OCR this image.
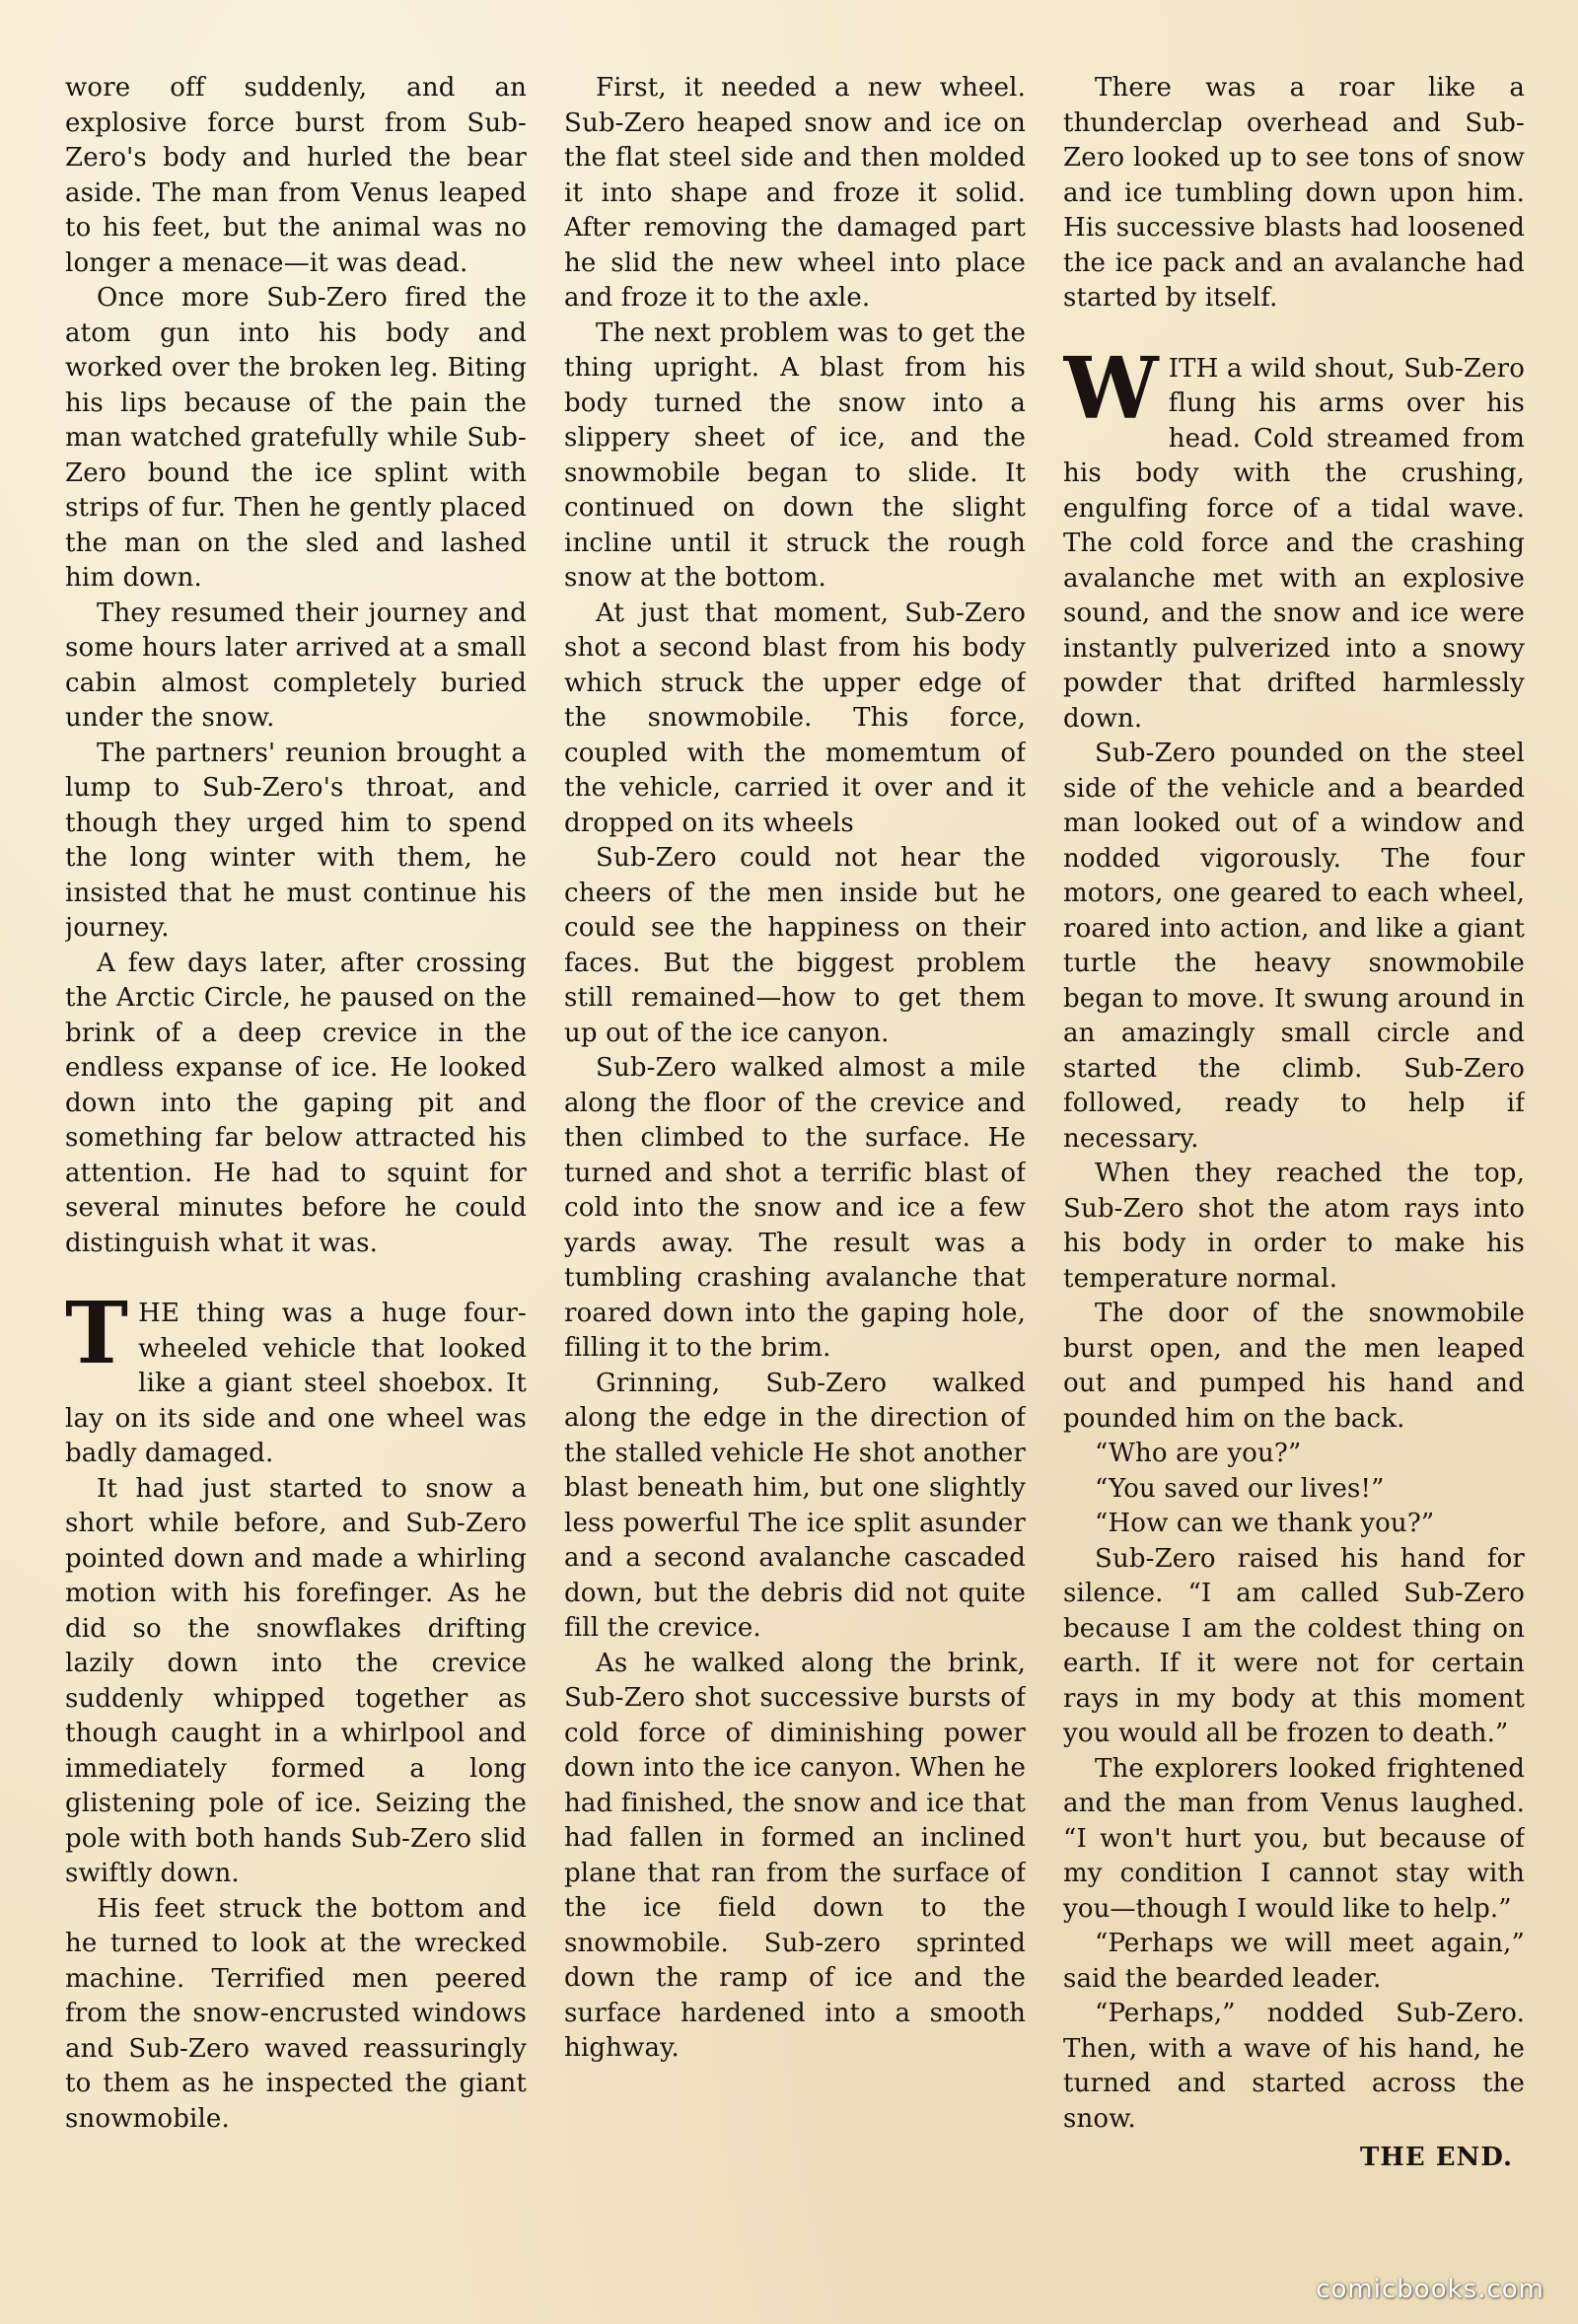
wore off suddenly, and an explosive force burst from Sub-Zero's body and hurled the bear aside. The man from Venus leaped to his feet, but the animal was no longer a menace—it was dead.

Once more Sub-Zero fired the atom gun into his body and worked over the broken leg. Biting his lips because of the pain the man watched gratefully while Sub-Zero bound the ice splint with strips of fur. Then he gently placed the man on the sled and lashed him down.

They resumed their journey and some hours later arrived at a small cabin almost completely buried under the snow.

The partners' reunion brought a lump to Sub-Zero's throat, and though they urged him to spend the long winter with them, he insisted that he must continue his journey.

A few days later, after crossing the Arctic Circle, he paused on the brink of a deep crevice in the endless expanse of ice. He looked down into the gaping pit and something far below attracted his attention. He had to squint for several minutes before he could distinguish what it was.

THE thing was a huge four-wheeled vehicle that looked like a giant steel shoebox. It lay on its side and one wheel was badly damaged.

It had just started to snow a short while before, and Sub-Zero pointed down and made a whirling motion with his forefinger. As he did so the snowflakes drifting lazily down into the crevice suddenly whipped together as though caught in a whirlpool and immediately formed a long glistening pole of ice. Seizing the pole with both hands Sub-Zero slid swiftly down.

His feet struck the bottom and he turned to look at the wrecked machine. Terrified men peered from the snow-encrusted windows and Sub-Zero waved reassuringly to them as he inspected the giant snowmobile.

First, it needed a new wheel. Sub-Zero heaped snow and ice on the flat steel side and then molded it into shape and froze it solid. After removing the damaged part he slid the new wheel into place and froze it to the axle.

The next problem was to get the thing upright. A blast from his body turned the snow into a slippery sheet of ice, and the snowmobile began to slide. It continued on down the slight incline until it struck the rough snow at the bottom.

At just that moment, Sub-Zero shot a second blast from his body which struck the upper edge of the snowmobile. This force, coupled with the momemtum of the vehicle, carried it over and it dropped on its wheels

Sub-Zero could not hear the cheers of the men inside but he could see the happiness on their faces. But the biggest problem still remained—how to get them up out of the ice canyon.

Sub-Zero walked almost a mile along the floor of the crevice and then climbed to the surface. He turned and shot a terrific blast of cold into the snow and ice a few yards away. The result was a tumbling crashing avalanche that roared down into the gaping hole, filling it to the brim.

Grinning, Sub-Zero walked along the edge in the direction of the stalled vehicle He shot another blast beneath him, but one slightly less powerful The ice split asunder and a second avalanche cascaded down, but the debris did not quite fill the crevice.

As he walked along the brink, Sub-Zero shot successive bursts of cold force of diminishing power down into the ice canyon. When he had finished, the snow and ice that had fallen in formed an inclined plane that ran from the surface of the ice field down to the snowmobile. Sub-zero sprinted down the ramp of ice and the surface hardened into a smooth highway.

There was a roar like a thunderclap overhead and Sub-Zero looked up to see tons of snow and ice tumbling down upon him. His successive blasts had loosened the ice pack and an avalanche had started by itself.

WITH a wild shout, Sub-Zero flung his arms over his head. Cold streamed from his body with the crushing, engulfing force of a tidal wave. The cold force and the crashing avalanche met with an explosive sound, and the snow and ice were instantly pulverized into a snowy powder that drifted harmlessly down.

Sub-Zero pounded on the steel side of the vehicle and a bearded man looked out of a window and nodded vigorously. The four motors, one geared to each wheel, roared into action, and like a giant turtle the heavy snowmobile began to move. It swung around in an amazingly small circle and started the climb. Sub-Zero followed, ready to help if necessary.

When they reached the top, Sub-Zero shot the atom rays into his body in order to make his temperature normal.

The door of the snowmobile burst open, and the men leaped out and pumped his hand and pounded him on the back.

“Who are you?”

“You saved our lives!”

“How can we thank you?”

Sub-Zero raised his hand for silence. “I am called Sub-Zero because I am the coldest thing on earth. If it were not for certain rays in my body at this moment you would all be frozen to death.”

The explorers looked frightened and the man from Venus laughed. “I won't hurt you, but because of my condition I cannot stay with you—though I would like to help.”

“Perhaps we will meet again,” said the bearded leader.

“Perhaps,” nodded Sub-Zero. Then, with a wave of his hand, he turned and started across the snow.

THE END.
comicbooks.com
